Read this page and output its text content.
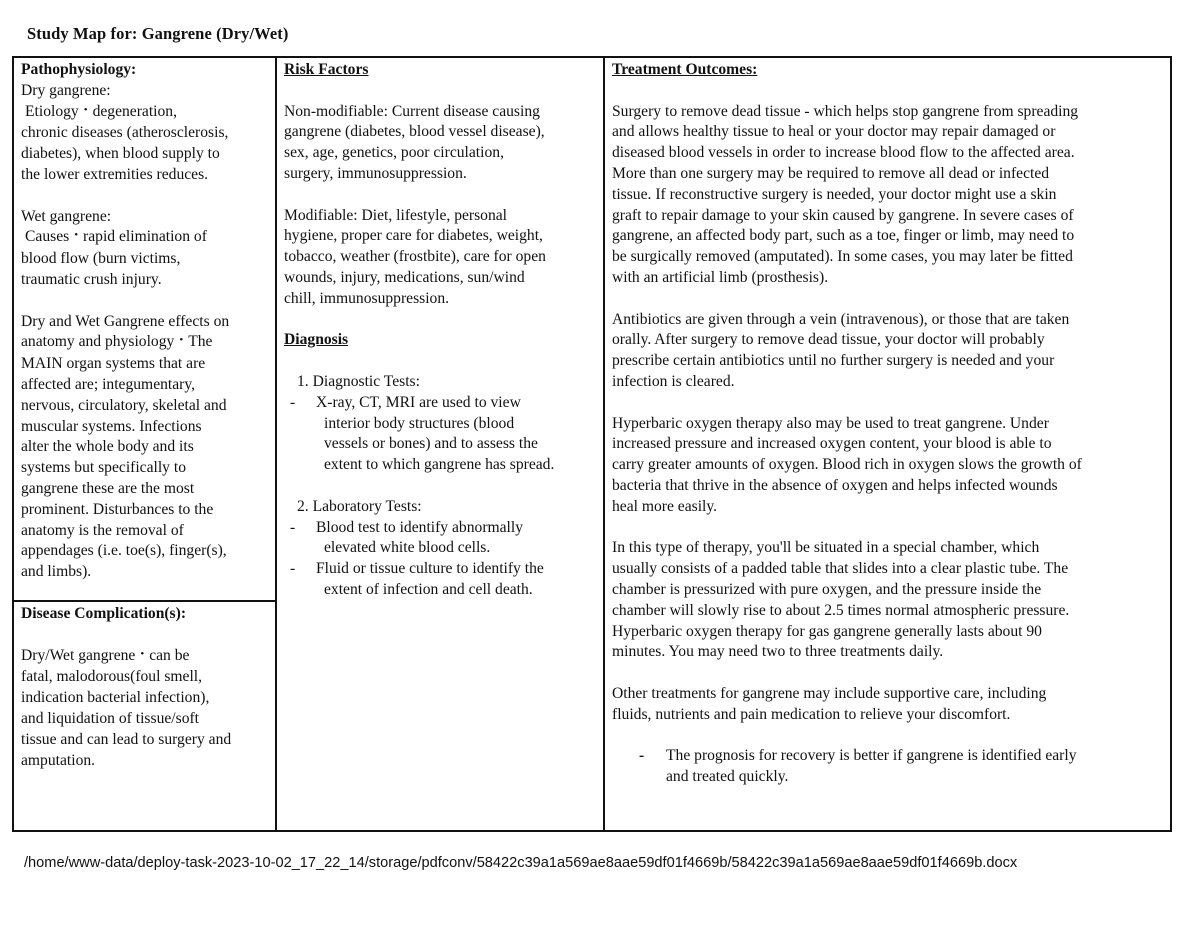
Study Map for: Gangrene (Dry/Wet)

Pathophysiology:

Dry gangrene:

Etiology • degeneration,

chronic diseases (atherosclerosis,

diabetes), when blood supply to

the lower extremities reduces.

Wet gangrene:

Causes • rapid elimination of

blood flow (burn victims,

traumatic crush injury.

Dry and Wet Gangrene effects on

anatomy and physiology • The

MAIN organ systems that are

affected are; integumentary,

nervous, circulatory, skeletal and

muscular systems. Infections

alter the whole body and its

systems but specifically to

gangrene these are the most

prominent. Disturbances to the

anatomy is the removal of

appendages (i.e. toe(s), finger(s),

and limbs).

Disease Complication(s):

Dry/Wet gangrene • can be

fatal, malodorous(foul smell,

indication bacterial infection),

and liquidation of tissue/soft

tissue and can lead to surgery and

amputation.

Risk Factors

Non-modifiable: Current disease causing

gangrene (diabetes, blood vessel disease),

sex, age, genetics, poor circulation,

surgery, immunosuppression.

Modifiable: Diet, lifestyle, personal

hygiene, proper care for diabetes, weight,

tobacco, weather (frostbite), care for open

wounds, injury, medications, sun/wind

chill, immunosuppression.

Diagnosis

1. Diagnostic Tests:

-	X-ray, CT, MRI are used to view

interior body structures (blood

vessels or bones) and to assess the

extent to which gangrene has spread.

2. Laboratory Tests:

-	Blood test to identify abnormally

elevated white blood cells.

-	Fluid or tissue culture to identify the

extent of infection and cell death.

Treatment Outcomes:

Surgery to remove dead tissue - which helps stop gangrene from spreading

and allows healthy tissue to heal or your doctor may repair damaged or

diseased blood vessels in order to increase blood flow to the affected area.

More than one surgery may be required to remove all dead or infected

tissue. If reconstructive surgery is needed, your doctor might use a skin

graft to repair damage to your skin caused by gangrene. In severe cases of

gangrene, an affected body part, such as a toe, finger or limb, may need to

be surgically removed (amputated). In some cases, you may later be fitted

with an artificial limb (prosthesis).

Antibiotics are given through a vein (intravenous), or those that are taken

orally. After surgery to remove dead tissue, your doctor will probably

prescribe certain antibiotics until no further surgery is needed and your

infection is cleared.

Hyperbaric oxygen therapy also may be used to treat gangrene. Under

increased pressure and increased oxygen content, your blood is able to

carry greater amounts of oxygen. Blood rich in oxygen slows the growth of

bacteria that thrive in the absence of oxygen and helps infected wounds

heal more easily.

In this type of therapy, you'll be situated in a special chamber, which

usually consists of a padded table that slides into a clear plastic tube. The

chamber is pressurized with pure oxygen, and the pressure inside the

chamber will slowly rise to about 2.5 times normal atmospheric pressure.

Hyperbaric oxygen therapy for gas gangrene generally lasts about 90

minutes. You may need two to three treatments daily.

Other treatments for gangrene may include supportive care, including

fluids, nutrients and pain medication to relieve your discomfort.

-	The prognosis for recovery is better if gangrene is identified early

and treated quickly.

/home/www-data/deploy-task-2023-10-02_17_22_14/storage/pdfconv/58422c39a1a569ae8aae59df01f4669b/58422c39a1a569ae8aae59df01f4669b.docx
